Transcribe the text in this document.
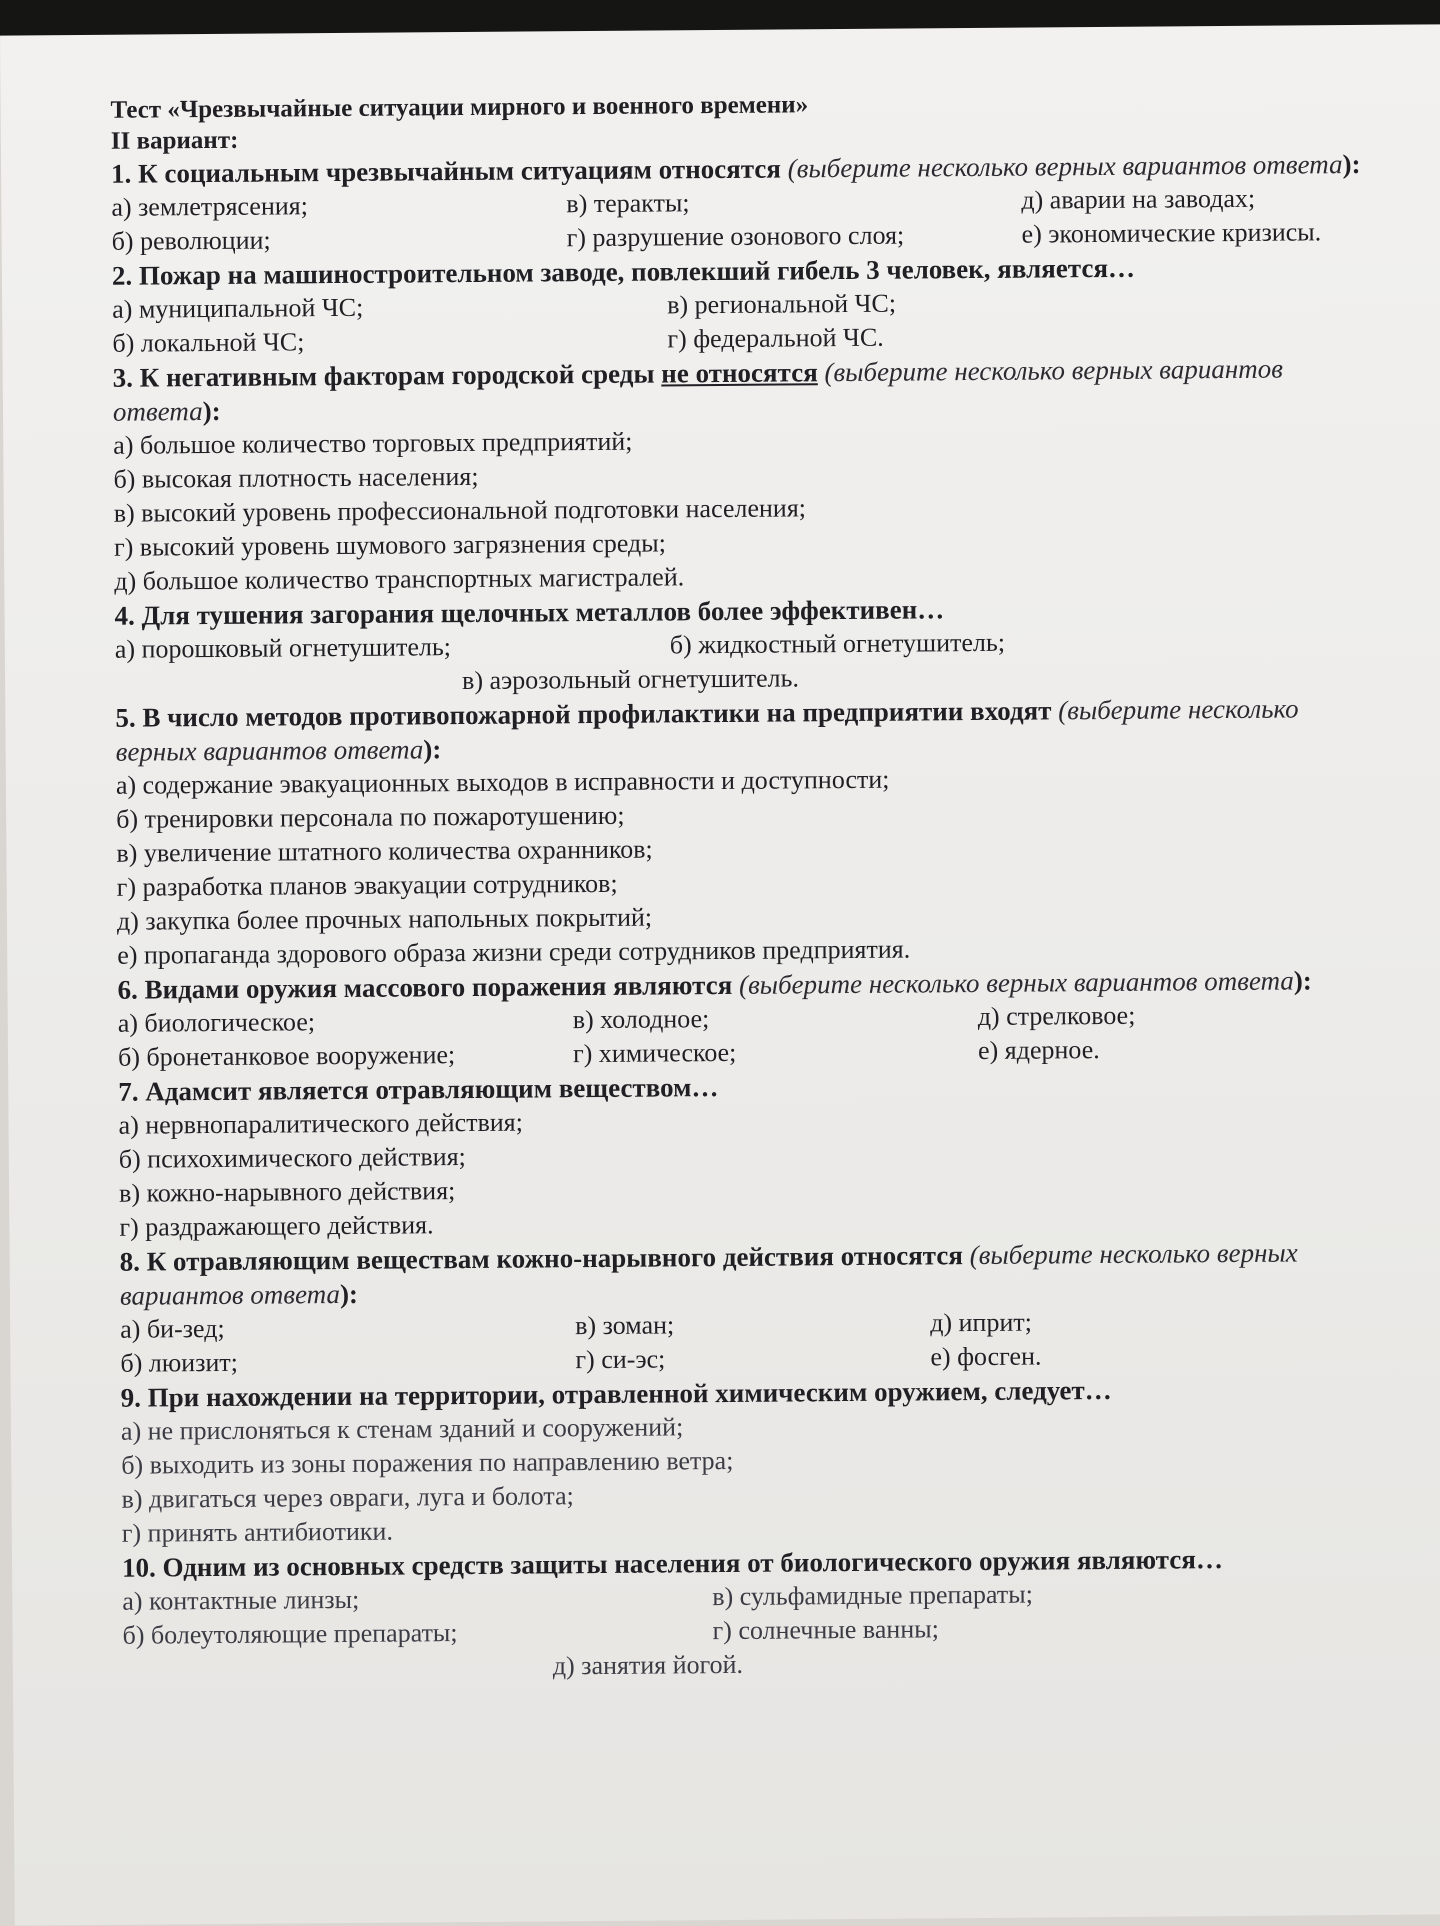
Тест «Чрезвычайные ситуации мирного и военного времени»
II вариант:
1. К социальным чрезвычайным ситуациям относятся (выберите несколько верных вариантов ответа):
а) землетрясения;	в) теракты;	д) аварии на заводах;
б) революции;	г) разрушение озонового слоя;	е) экономические кризисы.
2. Пожар на машиностроительном заводе, повлекший гибель 3 человек, является…
а) муниципальной ЧС;	в) региональной ЧС;
б) локальной ЧС;	г) федеральной ЧС.
3. К негативным факторам городской среды не относятся (выберите несколько верных вариантов ответа):
а) большое количество торговых предприятий;
б) высокая плотность населения;
в) высокий уровень профессиональной подготовки населения;
г) высокий уровень шумового загрязнения среды;
д) большое количество транспортных магистралей.
4. Для тушения загорания щелочных металлов более эффективен…
а) порошковый огнетушитель;	б) жидкостный огнетушитель;
в) аэрозольный огнетушитель.
5. В число методов противопожарной профилактики на предприятии входят (выберите несколько верных вариантов ответа):
а) содержание эвакуационных выходов в исправности и доступности;
б) тренировки персонала по пожаротушению;
в) увеличение штатного количества охранников;
г) разработка планов эвакуации сотрудников;
д) закупка более прочных напольных покрытий;
е) пропаганда здорового образа жизни среди сотрудников предприятия.
6. Видами оружия массового поражения являются (выберите несколько верных вариантов ответа):
а) биологическое;	в) холодное;	д) стрелковое;
б) бронетанковое вооружение;	г) химическое;	е) ядерное.
7. Адамсит является отравляющим веществом…
а) нервнопаралитического действия;
б) психохимического действия;
в) кожно-нарывного действия;
г) раздражающего действия.
8. К отравляющим веществам кожно-нарывного действия относятся (выберите несколько верных вариантов ответа):
а) би-зед;	в) зоман;	д) иприт;
б) люизит;	г) си-эс;	е) фосген.
9. При нахождении на территории, отравленной химическим оружием, следует…
а) не прислоняться к стенам зданий и сооружений;
б) выходить из зоны поражения по направлению ветра;
в) двигаться через овраги, луга и болота;
г) принять антибиотики.
10. Одним из основных средств защиты населения от биологического оружия являются…
а) контактные линзы;	в) сульфамидные препараты;
б) болеутоляющие препараты;	г) солнечные ванны;
д) занятия йогой.
